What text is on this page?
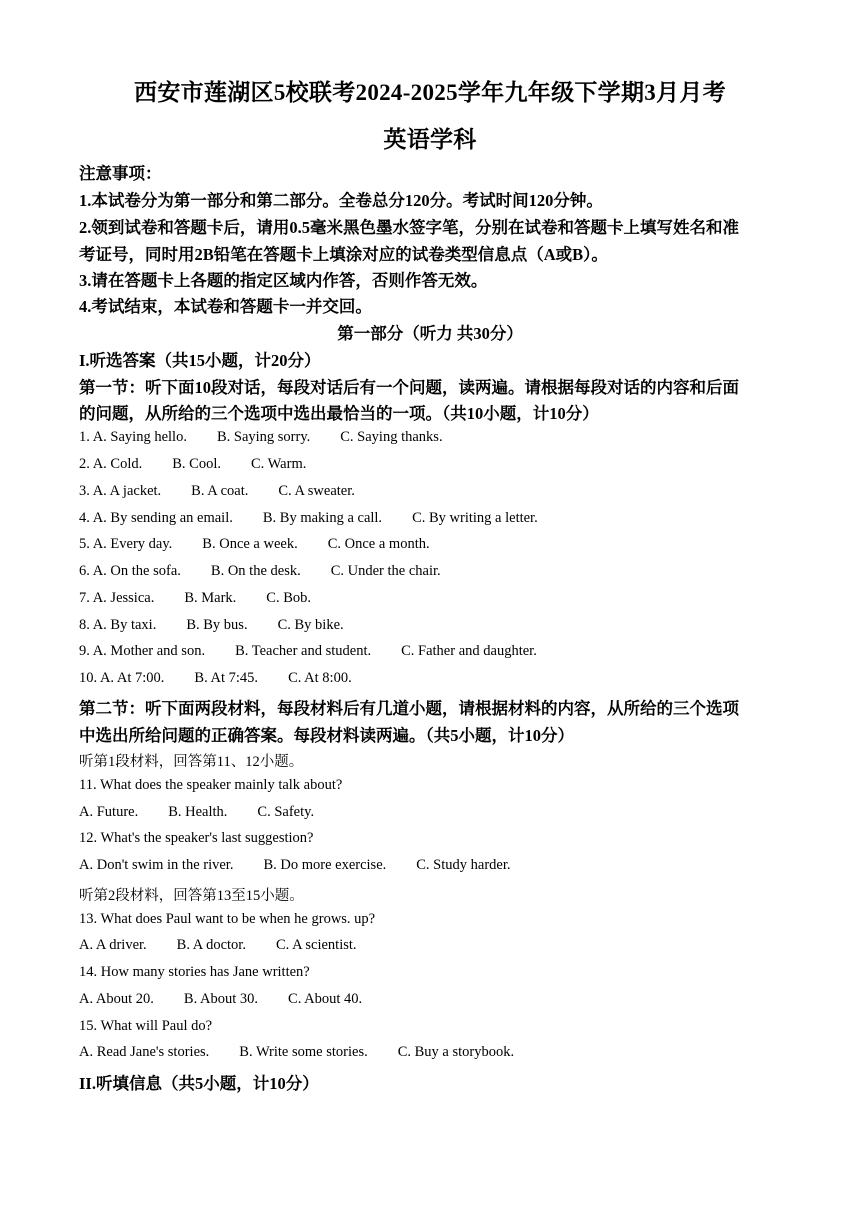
西安市莲湖区5校联考2024-2025学年九年级下学期3月月考
英语学科
注意事项：
1.本试卷分为第一部分和第二部分。全卷总分120分。考试时间120分钟。
2.领到试卷和答题卡后，请用0.5毫米黑色墨水签字笔，分别在试卷和答题卡上填写姓名和准
考证号，同时用2B铅笔在答题卡上填涂对应的试卷类型信息点（A或B）。
3.请在答题卡上各题的指定区域内作答，否则作答无效。
4.考试结束，本试卷和答题卡一并交回。
第一部分（听力 共30分）
I.听选答案（共15小题，计20分）
第一节：听下面10段对话，每段对话后有一个问题，读两遍。请根据每段对话的内容和后面
的问题，从所给的三个选项中选出最恰当的一项。（共10小题，计10分）
1. A. Saying hello. B. Saying sorry. C. Saying thanks.
2. A. Cold. B. Cool. C. Warm.
3. A. A jacket. B. A coat. C. A sweater.
4. A. By sending an email. B. By making a call. C. By writing a letter.
5. A. Every day. B. Once a week. C. Once a month.
6. A. On the sofa. B. On the desk. C. Under the chair.
7. A. Jessica. B. Mark. C. Bob.
8. A. By taxi. B. By bus. C. By bike.
9. A. Mother and son. B. Teacher and student. C. Father and daughter.
10. A. At 7:00. B. At 7:45. C. At 8:00.
第二节：听下面两段材料，每段材料后有几道小题，请根据材料的内容，从所给的三个选项
中选出所给问题的正确答案。每段材料读两遍。（共5小题，计10分）
听第1段材料，回答第11、12小题。
11. What does the speaker mainly talk about?
A. Future. B. Health. C. Safety.
12. What's the speaker's last suggestion?
A. Don't swim in the river. B. Do more exercise. C. Study harder.
听第2段材料，回答第13至15小题。
13. What does Paul want to be when he grows. up?
A. A driver. B. A doctor. C. A scientist.
14. How many stories has Jane written?
A. About 20. B. About 30. C. About 40.
15. What will Paul do?
A. Read Jane's stories. B. Write some stories. C. Buy a storybook.
II.听填信息（共5小题，计10分）
